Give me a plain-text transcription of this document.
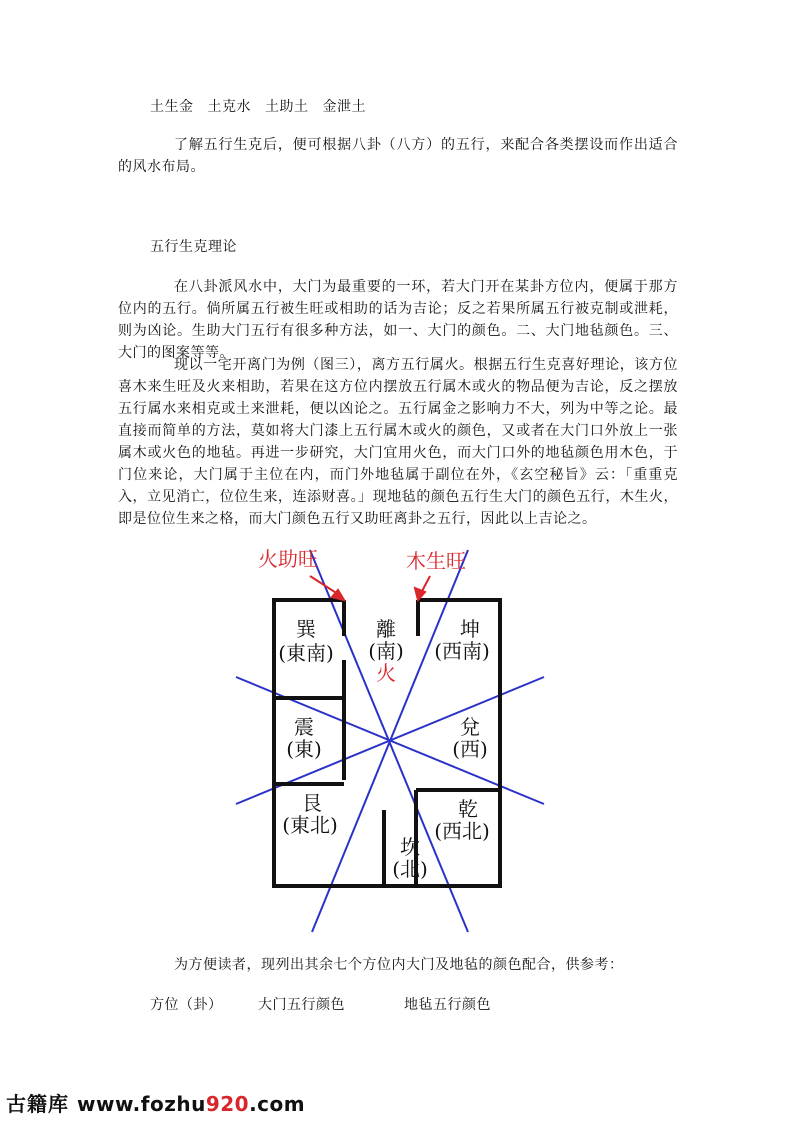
土生金 土克水 土助土 金泄土

了解五行生克后，便可根据八卦（八方）的五行，来配合各类摆设而作出适合的风水布局。

五行生克理论

在八卦派风水中，大门为最重要的一环，若大门开在某卦方位内，便属于那方位内的五行。倘所属五行被生旺或相助的话为吉论；反之若果所属五行被克制或泄耗，则为凶论。生助大门五行有很多种方法，如一、大门的颜色。二、大门地毡颜色。三、大门的图案等等。

现以一宅开离门为例（图三），离方五行属火。根据五行生克喜好理论，该方位喜木来生旺及火来相助，若果在这方位内摆放五行属木或火的物品便为吉论，反之摆放五行属水来相克或土来泄耗，便以凶论之。五行属金之影响力不大，列为中等之论。最直接而简单的方法，莫如将大门漆上五行属木或火的颜色，又或者在大门口外放上一张属木或火色的地毡。再进一步研究，大门宜用火色，而大门口外的地毡颜色用木色，于门位来论，大门属于主位在内，而门外地毡属于副位在外，《玄空秘旨》云：「重重克入，立见消亡，位位生来，连添财喜。」现地毡的颜色五行生大门的颜色五行，木生火，即是位位生来之格，而大门颜色五行又助旺离卦之五行，因此以上吉论之。

火助旺	木生旺
巽
(東南)
離
(南)
火
坤
(西南)
震
(東)
兌
(西)
艮
(東北)
乾
(西北)
坎
(北)

为方便读者，现列出其余七个方位内大门及地毡的颜色配合，供参考：

方位（卦）	大门五行颜色	地毡五行颜色
古籍库 www.fozhu920.com
